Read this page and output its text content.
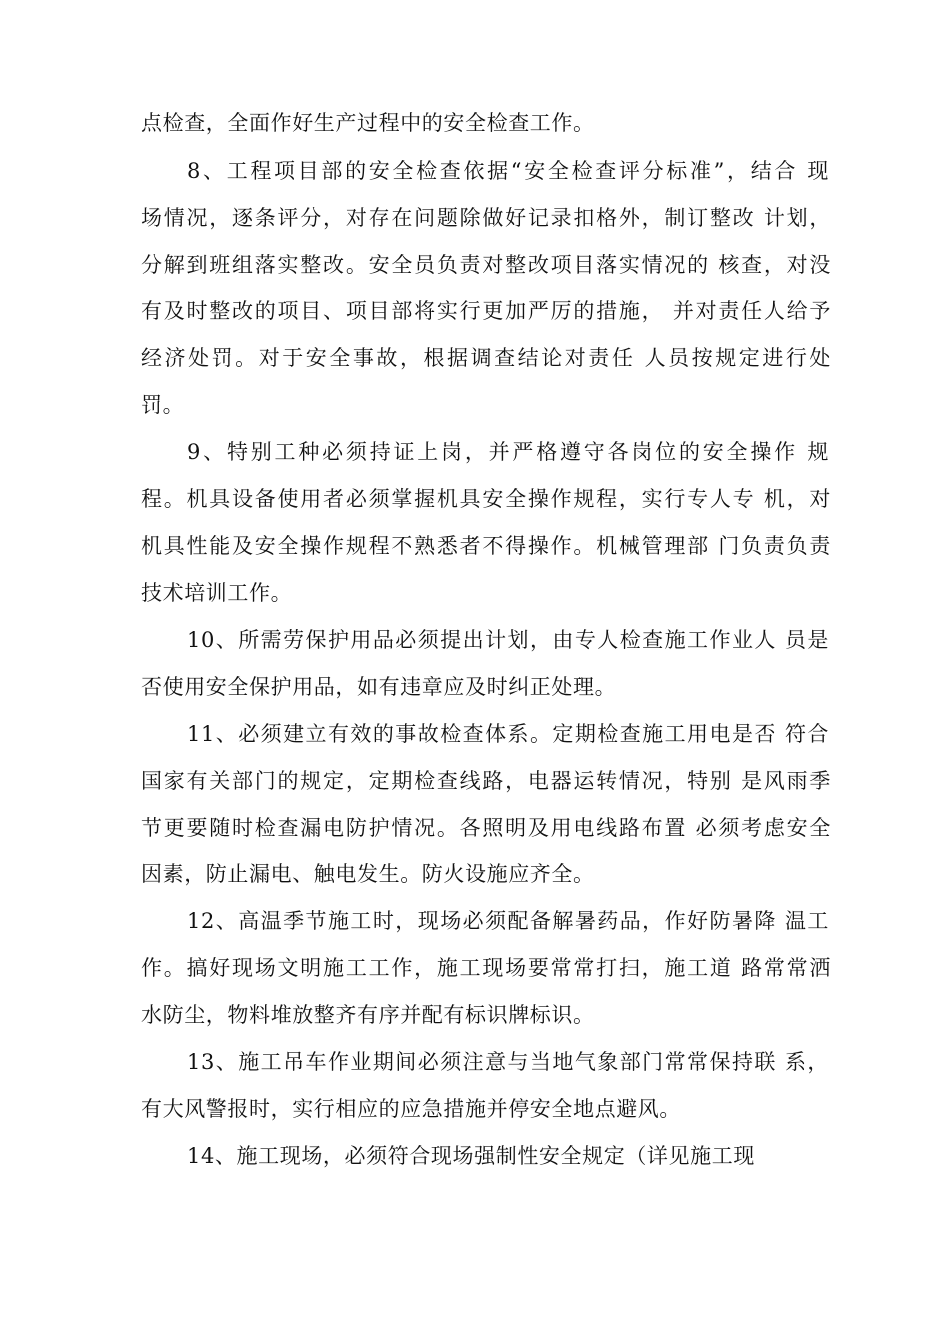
点检查，全面作好生产过程中的安全检查工作。
8、工程项目部的安全检查依据“安全检查评分标准”，结合 现
场情况，逐条评分，对存在问题除做好记录扣格外，制订整改 计划，
分解到班组落实整改。安全员负责对整改项目落实情况的 核查，对没
有及时整改的项目、项目部将实行更加严厉的措施， 并对责任人给予
经济处罚。对于安全事故，根据调查结论对责任 人员按规定进行处
罚。
9、特别工种必须持证上岗，并严格遵守各岗位的安全操作 规
程。机具设备使用者必须掌握机具安全操作规程，实行专人专 机，对
机具性能及安全操作规程不熟悉者不得操作。机械管理部 门负责负责
技术培训工作。
10、所需劳保护用品必须提出计划，由专人检查施工作业人 员是
否使用安全保护用品，如有违章应及时纠正处理。
11、必须建立有效的事故检查体系。定期检查施工用电是否 符合
国家有关部门的规定，定期检查线路，电器运转情况，特别 是风雨季
节更要随时检查漏电防护情况。各照明及用电线路布置 必须考虑安全
因素，防止漏电、触电发生。防火设施应齐全。
12、高温季节施工时，现场必须配备解暑药品，作好防暑降 温工
作。搞好现场文明施工工作，施工现场要常常打扫，施工道 路常常洒
水防尘，物料堆放整齐有序并配有标识牌标识。
13、施工吊车作业期间必须注意与当地气象部门常常保持联 系，
有大风警报时，实行相应的应急措施并停安全地点避风。
14、施工现场，必须符合现场强制性安全规定（详见施工现
